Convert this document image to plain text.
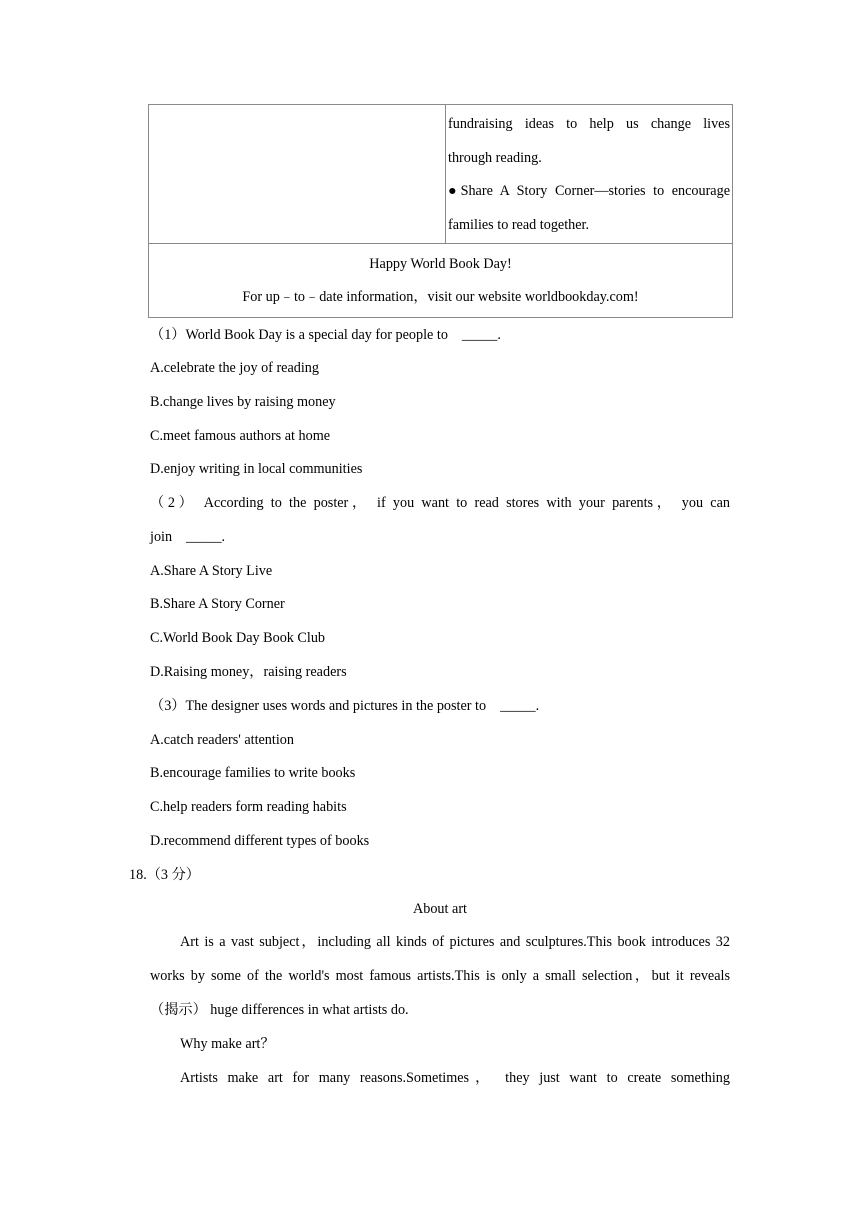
fundraising ideas to help us change lives
through reading.
●Share A Story Corner—stories to encourage
families to read together.

Happy World Book Day!
For up﹣to﹣date information，visit our website worldbookday.com!
（1）World Book Day is a special day for people to _____.
A.celebrate the joy of reading
B.change lives by raising money
C.meet famous authors at home
D.enjoy writing in local communities
（2） According to the poster， if you want to read stores with your parents， you can
join _____.
A.Share A Story Live
B.Share A Story Corner
C.World Book Day Book Club
D.Raising money，raising readers
（3）The designer uses words and pictures in the poster to _____.
A.catch readers' attention
B.encourage families to write books
C.help readers form reading habits
D.recommend different types of books
18.（3 分）
About art
Art is a vast subject，including all kinds of pictures and sculptures.This book introduces 32
works by some of the world's most famous artists.This is only a small selection，but it reveals
（揭示） huge differences in what artists do.
Why make art？
Artists make art for many reasons.Sometimes， they just want to create something
